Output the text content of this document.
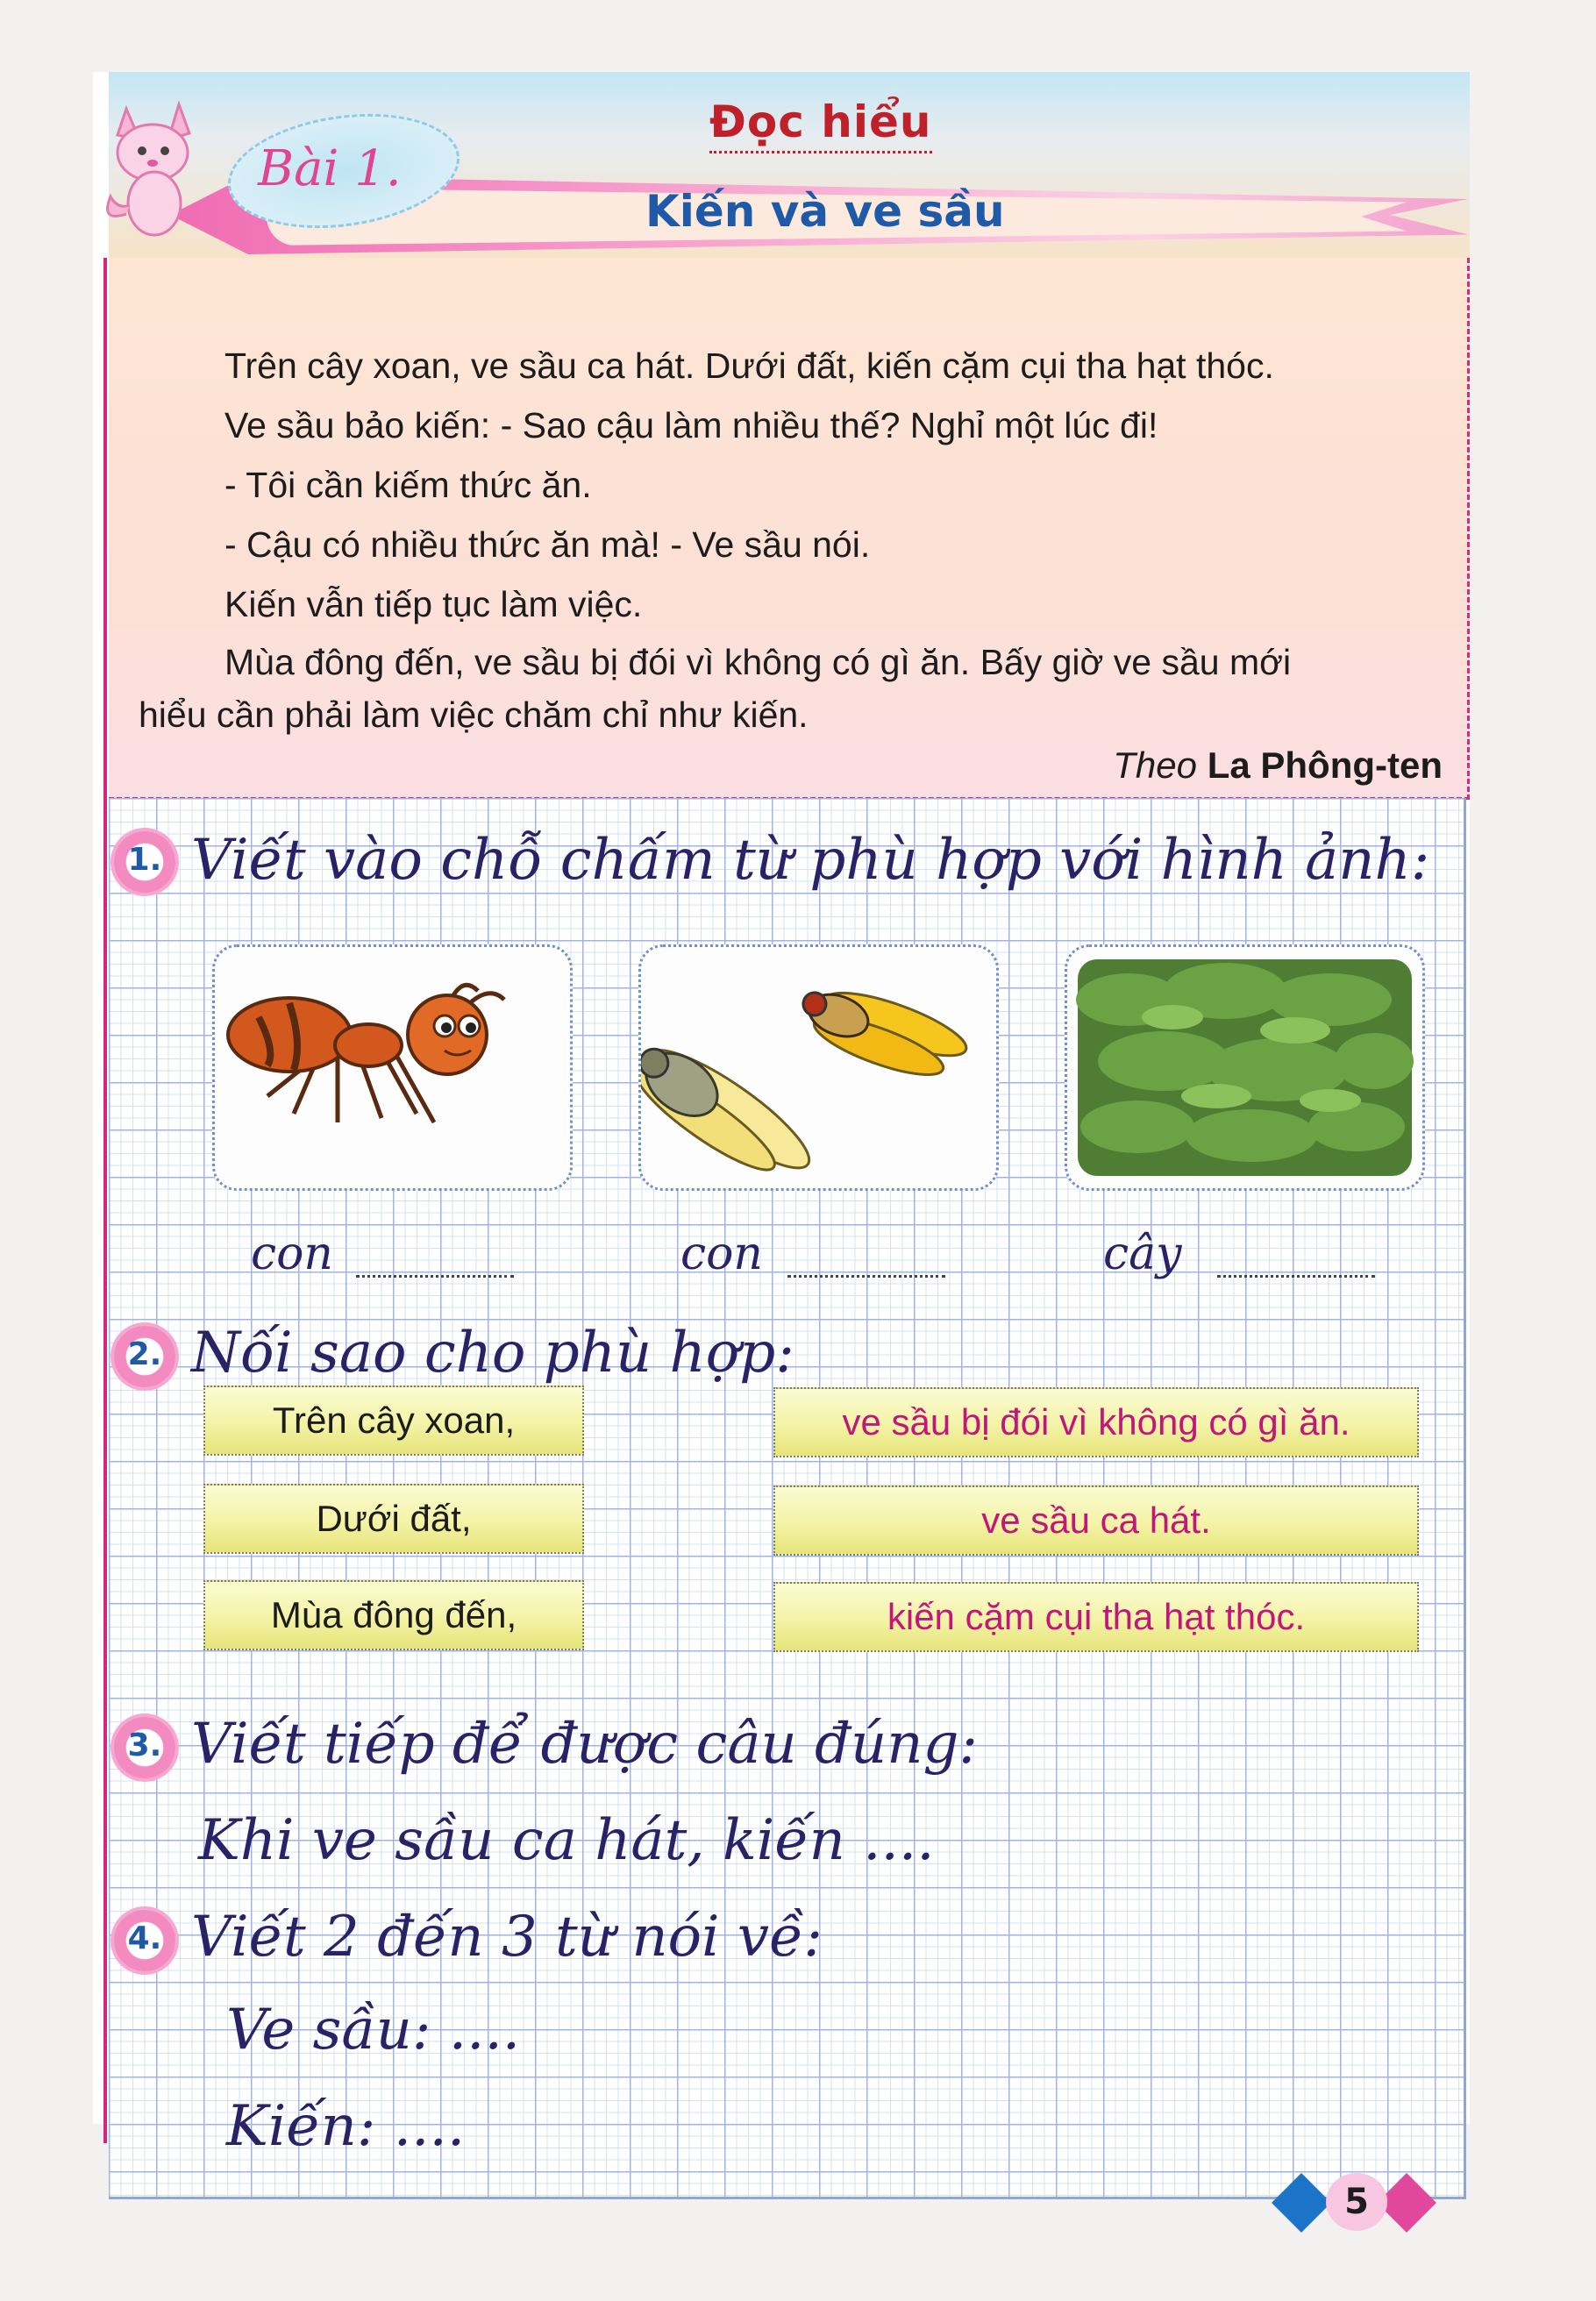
Bài 1.
Đọc hiểu
Kiến và ve sầu

Trên cây xoan, ve sầu ca hát. Dưới đất, kiến cặm cụi tha hạt thóc.

Ve sầu bảo kiến: - Sao cậu làm nhiều thế? Nghỉ một lúc đi!

- Tôi cần kiếm thức ăn.

- Cậu có nhiều thức ăn mà! - Ve sầu nói.

Kiến vẫn tiếp tục làm việc.

Mùa đông đến, ve sầu bị đói vì không có gì ăn. Bấy giờ ve sầu mới

hiểu cần phải làm việc chăm chỉ như kiến.

Theo La Phông-ten
1. Viết vào chỗ chấm từ phù hợp với hình ảnh:
con	con	cây
2. Nối sao cho phù hợp:
Trên cây xoan,
Dưới đất,
Mùa đông đến,
ve sầu bị đói vì không có gì ăn.
ve sầu ca hát.
kiến cặm cụi tha hạt thóc.
3. Viết tiếp để được câu đúng:
Khi ve sầu ca hát, kiến ....
4. Viết 2 đến 3 từ nói về:
Ve sầu: ....
Kiến: ....
5
